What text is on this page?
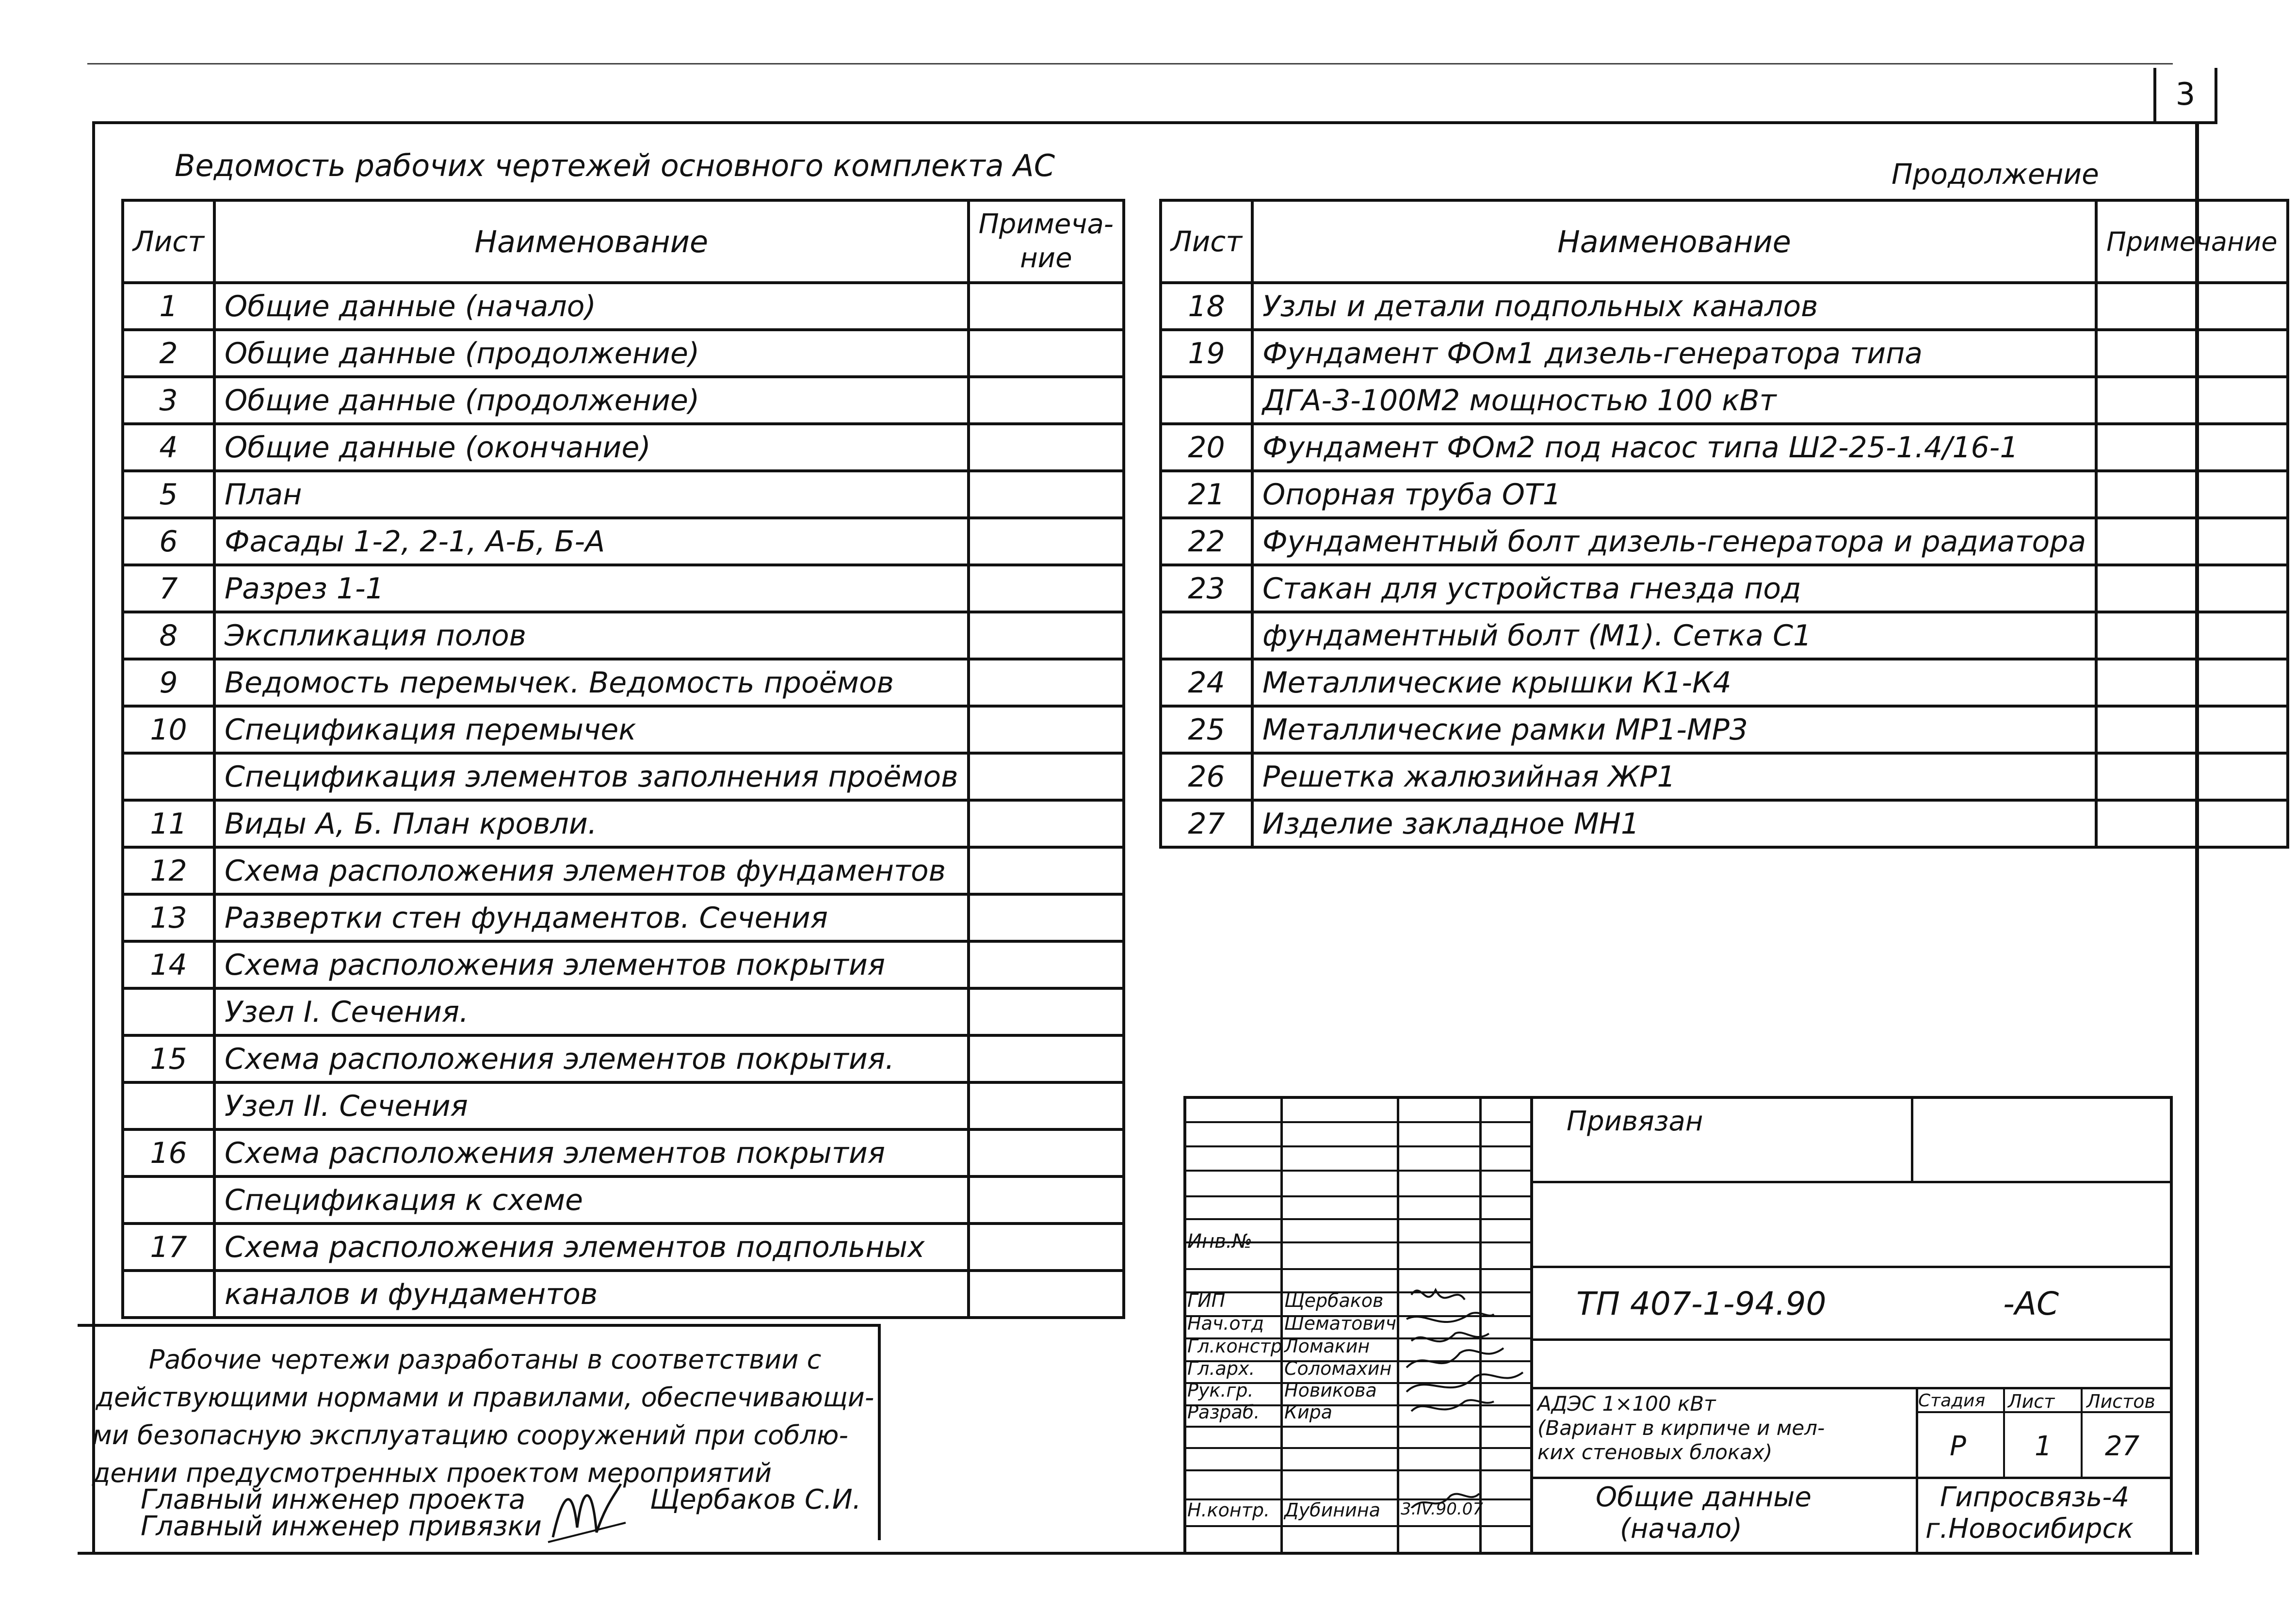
3
Ведомость рабочих чертежей основного комплекта АС	Продолжение
Лист	Наименование	Примеча- ние
1	Общие данные (начало)	
2	Общие данные (продолжение)	
3	Общие данные (продолжение)	
4	Общие данные (окончание)	
5	План	
6	Фасады 1-2, 2-1, А-Б, Б-А	
7	Разрез 1-1	
8	Экспликация полов	
9	Ведомость перемычек. Ведомость проёмов	
10	Спецификация перемычек	
	Спецификация элементов заполнения проёмов	
11	Виды А, Б. План кровли.	
12	Схема расположения элементов фундаментов	
13	Развертки стен фундаментов. Сечения	
14	Схема расположения элементов покрытия	
	Узел I. Сечения.	
15	Схема расположения элементов покрытия.	
	Узел II. Сечения	
16	Схема расположения элементов покрытия	
	Спецификация к схеме	
17	Схема расположения элементов подпольных	
	каналов и фундаментов	
Лист	Наименование	Примечание
18	Узлы и детали подпольных каналов	
19	Фундамент ФОм1 дизель-генератора типа	
	ДГА-3-100М2 мощностью 100 кВт	
20	Фундамент ФОм2 под насос типа Ш2-25-1.4/16-1	
21	Опорная труба ОТ1	
22	Фундаментный болт дизель-генератора и радиатора	
23	Стакан для устройства гнезда под	
	фундаментный болт (М1). Сетка С1	
24	Металлические крышки К1-К4	
25	Металлические рамки МР1-МР3	
26	Решетка жалюзийная ЖР1	
27	Изделие закладное МН1	
Рабочие чертежи разработаны в соответствии с
действующими нормами и правилами, обеспечивающи-
ми безопасную эксплуатацию сооружений при соблю-
дении предусмотренных проектом мероприятий
Главный инженер проекта
Главный инженер привязки
Щербаков С.И.
Привязан
Инв.№
ТП 407-1-94.90	-АС
ГИП	Щербаков
Нач.отд Шематович
Гл.констр Ломакин
Гл.арх. Соломахин
Рук.гр. Новикова
Разраб. Кира
Н.контр. Дубинина 3.IV.90.07
АДЭС 1×100 кВт
(Вариант в кирпиче и мел-
ких стеновых блоках)
Общие данные
(начало)
Стадия Лист Листов
Р	1 27
Гипросвязь-4
г.Новосибирск
